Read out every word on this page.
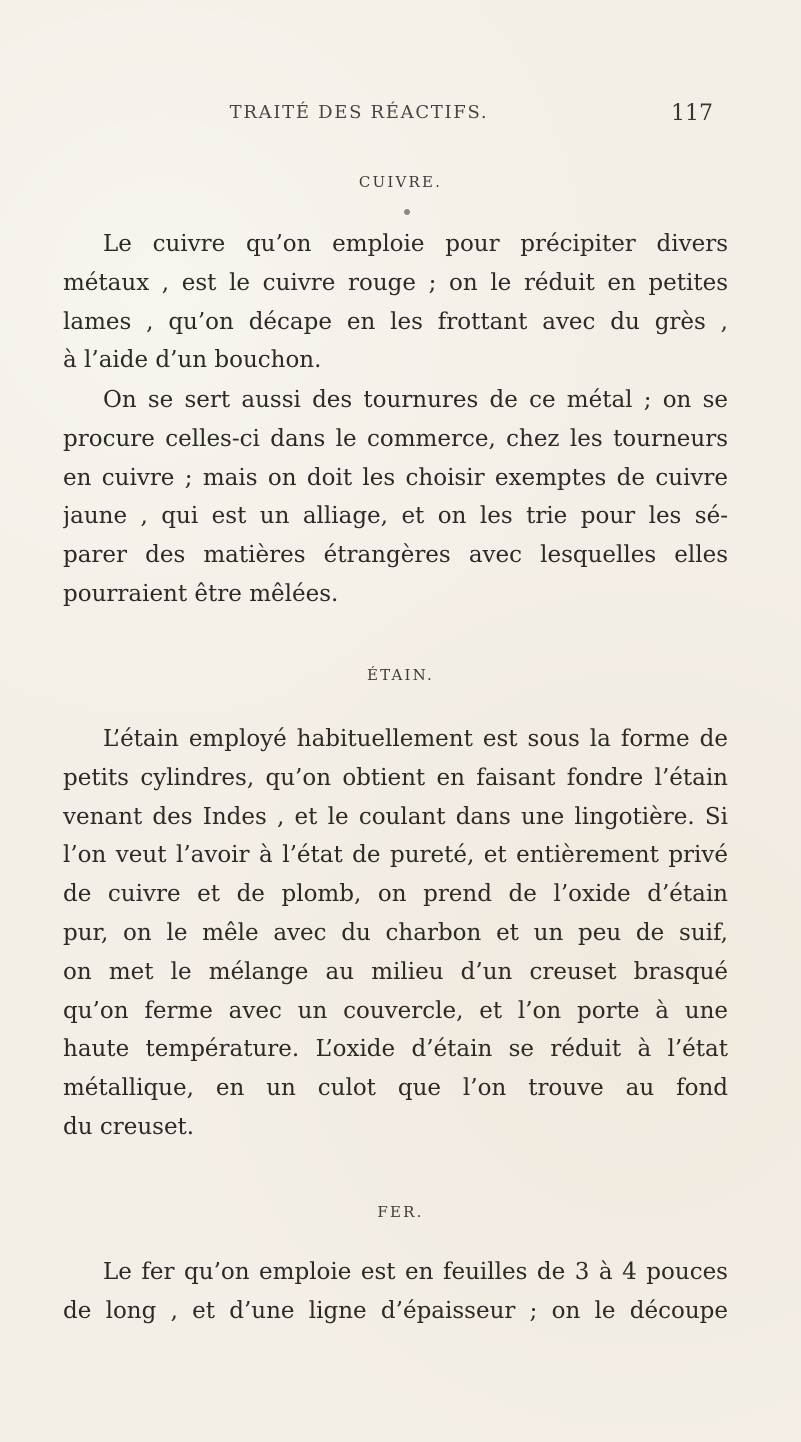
TRAITÉ DES RÉACTIFS.	117
CUIVRE.

Le cuivre qu’on emploie pour précipiter divers
métaux , est le cuivre rouge ; on le réduit en petites
lames , qu’on décape en les frottant avec du grès ,
à l’aide d’un bouchon.

On se sert aussi des tournures de ce métal ; on se
procure celles-ci dans le commerce, chez les tourneurs
en cuivre ; mais on doit les choisir exemptes de cuivre
jaune , qui est un alliage, et on les trie pour les sé-
parer des matières étrangères avec lesquelles elles
pourraient être mêlées.

ÉTAIN.

L’étain employé habituellement est sous la forme de
petits cylindres, qu’on obtient en faisant fondre l’étain
venant des Indes , et le coulant dans une lingotière. Si
l’on veut l’avoir à l’état de pureté, et entièrement privé
de cuivre et de plomb, on prend de l’oxide d’étain
pur, on le mêle avec du charbon et un peu de suif,
on met le mélange au milieu d’un creuset brasqué
qu’on ferme avec un couvercle, et l’on porte à une
haute température. L’oxide d’étain se réduit à l’état
métallique, en un culot que l’on trouve au fond
du creuset.

FER.

Le fer qu’on emploie est en feuilles de 3 à 4 pouces
de long , et d’une ligne d’épaisseur ; on le découpe
